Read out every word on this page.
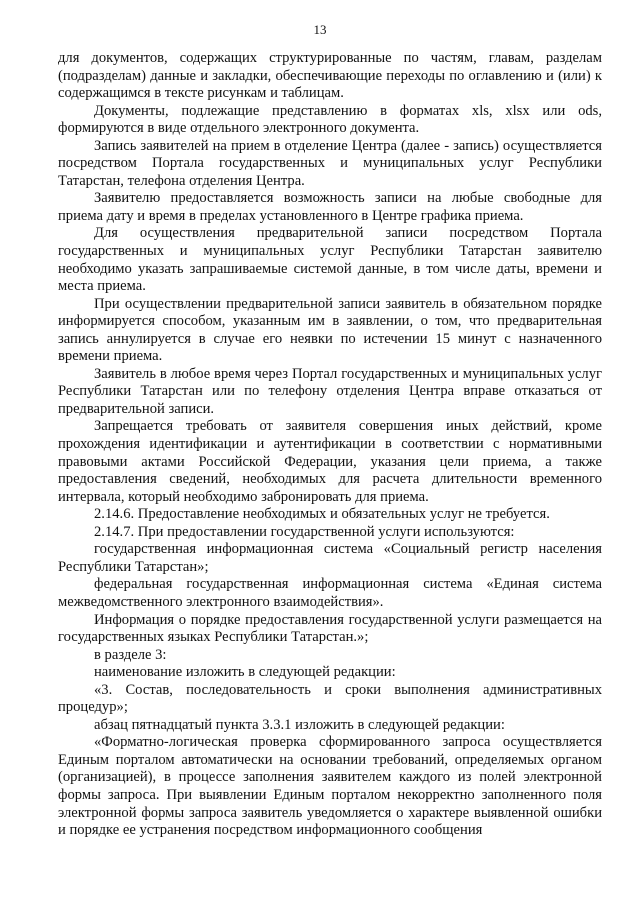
13

для документов, содержащих структурированные по частям, главам, разделам (подразделам) данные и закладки, обеспечивающие переходы по оглавлению и (или) к содержащимся в тексте рисункам и таблицам.

Документы, подлежащие представлению в форматах xls, xlsx или ods, формируются в виде отдельного электронного документа.

Запись заявителей на прием в отделение Центра (далее - запись) осуществляется посредством Портала государственных и муниципальных услуг Республики Татарстан, телефона отделения Центра.

Заявителю предоставляется возможность записи на любые свободные для приема дату и время в пределах установленного в Центре графика приема.

Для осуществления предварительной записи посредством Портала государственных и муниципальных услуг Республики Татарстан заявителю необходимо указать запрашиваемые системой данные, в том числе даты, времени и места приема.

При осуществлении предварительной записи заявитель в обязательном порядке информируется способом, указанным им в заявлении, о том, что предварительная запись аннулируется в случае его неявки по истечении 15 минут с назначенного времени приема.

Заявитель в любое время через Портал государственных и муниципальных услуг Республики Татарстан или по телефону отделения Центра вправе отказаться от предварительной записи.

Запрещается требовать от заявителя совершения иных действий, кроме прохождения идентификации и аутентификации в соответствии с нормативными правовыми актами Российской Федерации, указания цели приема, а также предоставления сведений, необходимых для расчета длительности временного интервала, который необходимо забронировать для приема.

2.14.6. Предоставление необходимых и обязательных услуг не требуется.

2.14.7. При предоставлении государственной услуги используются:

государственная информационная система «Социальный регистр населения Республики Татарстан»;

федеральная государственная информационная система «Единая система межведомственного электронного взаимодействия».

Информация о порядке предоставления государственной услуги размещается на государственных языках Республики Татарстан.»;

в разделе 3:

наименование изложить в следующей редакции:

«3. Состав, последовательность и сроки выполнения административных процедур»;

абзац пятнадцатый пункта 3.3.1 изложить в следующей редакции:

«Форматно-логическая проверка сформированного запроса осуществляется Единым порталом автоматически на основании требований, определяемых органом (организацией), в процессе заполнения заявителем каждого из полей электронной формы запроса. При выявлении Единым порталом некорректно заполненного поля электронной формы запроса заявитель уведомляется о характере выявленной ошибки и порядке ее устранения посредством информационного сообщения
